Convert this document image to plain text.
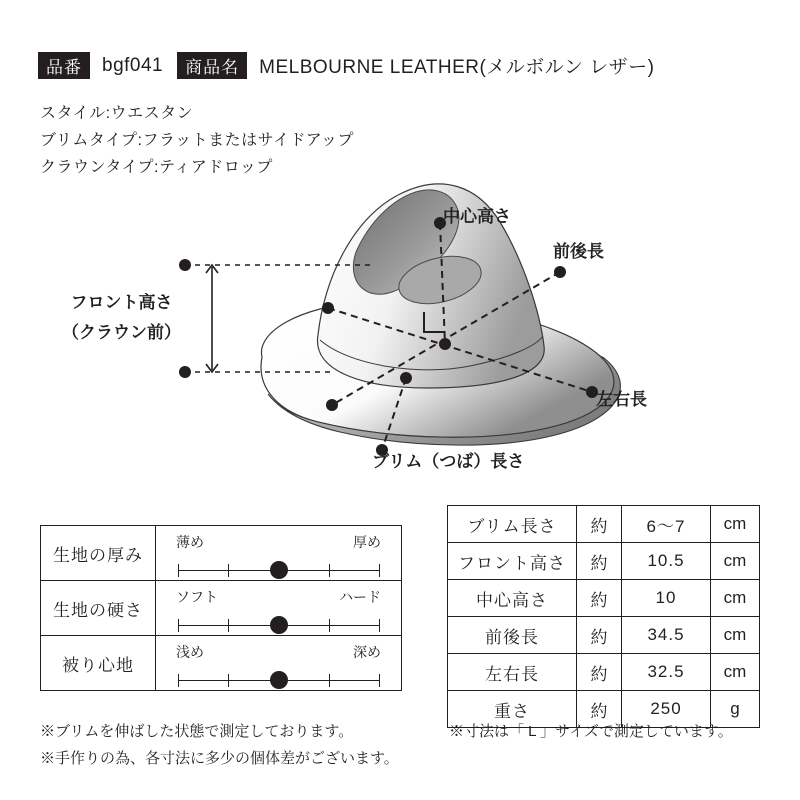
品番	bgf041	商品名	MELBOURNE LEATHER(メルボルン レザー)
スタイル:ウエスタン
ブリムタイプ:フラットまたはサイドアップ
クラウンタイプ:ティアドロップ
中心高さ
前後長
左右長
ブリム（つば）長さ
フロント高さ
（クラウン前）
生地の厚み	薄め 厚め

生地の硬さ	ソフト ハード

被り心地	浅め 深め
ブリム長さ	約	6〜7	cm
フロント高さ	約	10.5	cm
中心高さ	約	10	cm
前後長	約	34.5	cm
左右長	約	32.5	cm
重さ	約	250	g
※ブリムを伸ばした状態で測定しております。
※手作りの為、各寸法に多少の個体差がございます。
※寸法は「 L 」サイズで測定しています。
